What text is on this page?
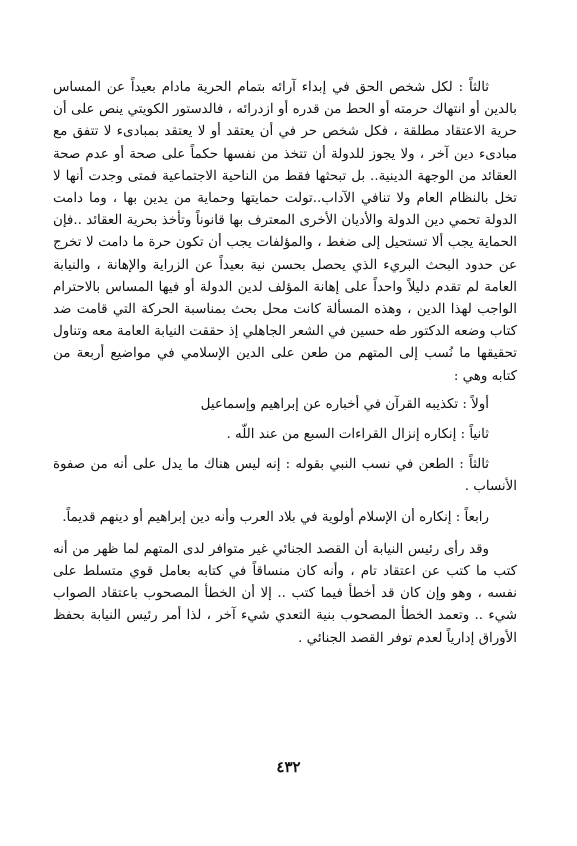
ثالثاً : لكل شخص الحق في إبداء آرائه بتمام الحرية مادام بعيداً عن المساس بالدين أو انتهاك حرمته أو الحط من قدره أو ازدرائه ، فالدستور الكويتي ينص على أن حرية الاعتقاد مطلقة ، فكل شخص حر في أن يعتقد أو لا يعتقد بمبادىء لا تتفق مع مبادىء دين آخر ، ولا يجوز للدولة أن تتخذ من نفسها حكماً على صحة أو عدم صحة العقائد من الوجهة الدينية.. بل تبحثها فقط من الناحية الاجتماعية فمتى وجدت أنها لا تخل بالنظام العام ولا تنافي الآداب..تولت حمايتها وحماية من يدين بها ، وما دامت الدولة تحمي دين الدولة والأديان الأخرى المعترف بها قانوناً وتأخذ بحرية العقائد ..فإن الحماية يجب ألا تستحيل إلى ضغط ، والمؤلفات يجب أن تكون حرة ما دامت لا تخرج عن حدود البحث البريء الذي يحصل بحسن نية بعيداً عن الزراية والإهانة ، والنيابة العامة لم تقدم دليلاً واحداً على إهانة المؤلف لدين الدولة أو فيها المساس بالاحترام الواجب لهذا الدين ، وهذه المسألة كانت محل بحث بمناسبة الحركة التي قامت ضد كتاب وضعه الدكتور طه حسين في الشعر الجاهلي إذ حققت النيابة العامة معه وتناول تحقيقها ما نُسب إلى المتهم من طعن على الدين الإسلامي في مواضيع أربعة من كتابه وهي :

أولاً : تكذيبه القرآن في أخباره عن إبراهيم وإسماعيل

ثانياً : إنكاره إنزال القراءات السبع من عند اللّه .

ثالثاً : الطعن في نسب النبي بقوله : إنه ليس هناك ما يدل على أنه من صفوة الأنساب .

رابعاً : إنكاره أن الإسلام أولوية في بلاد العرب وأنه دين إبراهيم أو دينهم قديماً.

وقد رأى رئيس النيابة أن القصد الجنائي غير متوافر لدى المتهم لما ظهر من أنه كتب ما كتب عن اعتقاد تام ، وأنه كان منساقاً في كتابه بعامل قوي متسلط على نفسه ، وهو وإن كان قد أخطأ فيما كتب .. إلا أن الخطأ المصحوب باعتقاد الصواب شيء .. وتعمد الخطأ المصحوب بنية التعدي شيء آخر ، لذا أمر رئيس النيابة بحفظ الأوراق إدارياً لعدم توفر القصد الجنائي .

٤٣٢
